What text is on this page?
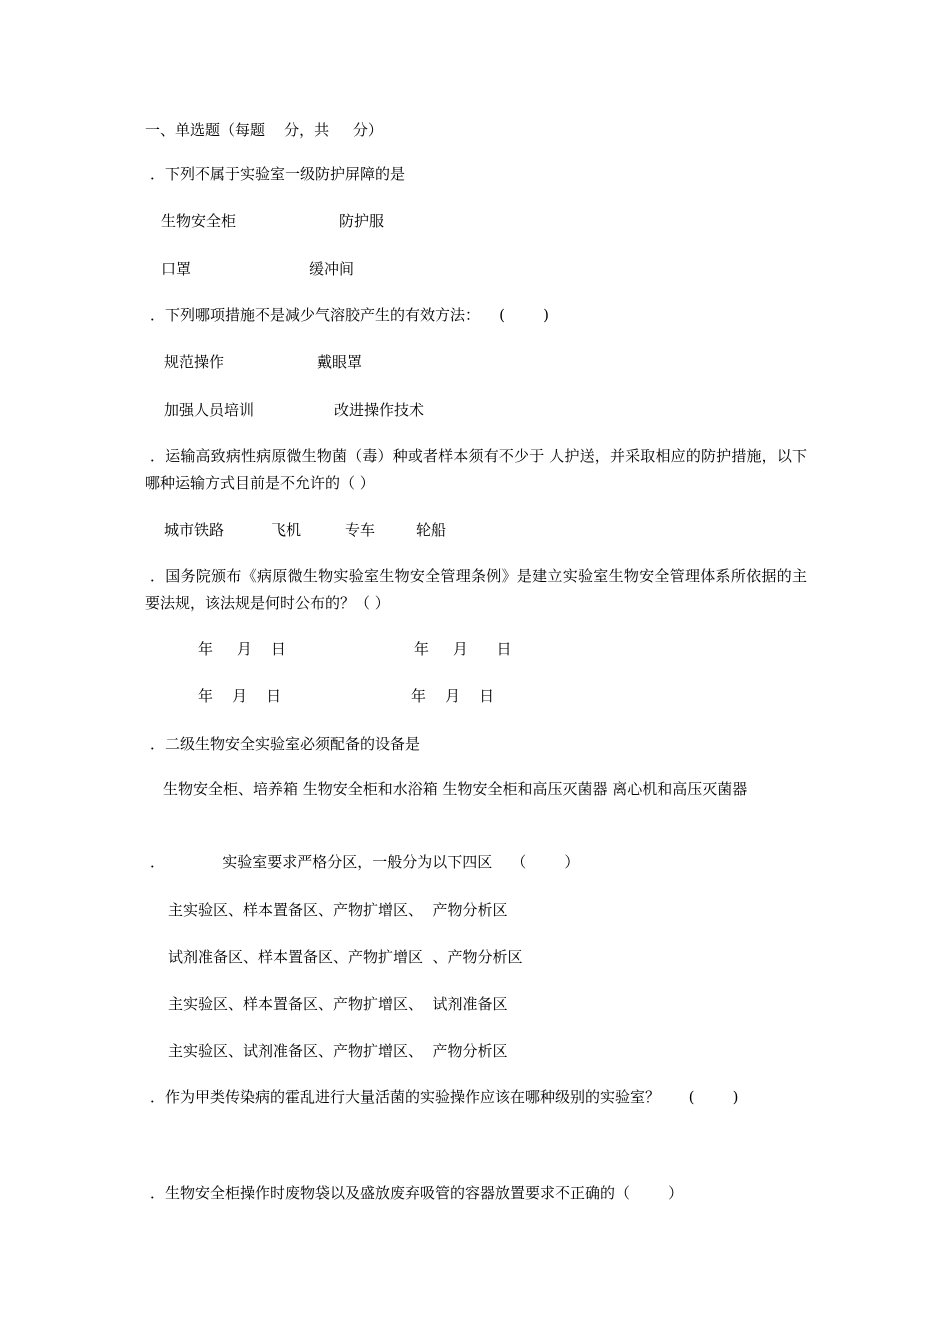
一、单选题（每题    分，共     分）
．下列不属于实验室一级防护屏障的是
生物安全柜	防护服
口罩	缓冲间
．下列哪项措施不是减少气溶胶产生的有效方法：    (        )
规范操作	戴眼罩
加强人员培训	改进操作技术
．运输高致病性病原微生物菌（毒）种或者样本须有不少于 人护送，并采取相应的防护措施，以下哪种运输方式目前是不允许的（ ）
城市铁路	飞机	专车	轮船
．国务院颁布《病原微生物实验室生物安全管理条例》是建立实验室生物安全管理体系所依据的主要法规，该法规是何时公布的？（ ）
年     月    日	年     月      日
年    月    日	年    月    日
．二级生物安全实验室必须配备的设备是
生物安全柜、培养箱 生物安全柜和水浴箱 生物安全柜和高压灭菌器 离心机和高压灭菌器
．            实验室要求严格分区，一般分为以下四区    （        ）
主实验区、样本置备区、产物扩增区、  产物分析区
试剂准备区、样本置备区、产物扩增区  、产物分析区
主实验区、样本置备区、产物扩增区、  试剂准备区
主实验区、试剂准备区、产物扩增区、  产物分析区
．作为甲类传染病的霍乱进行大量活菌的实验操作应该在哪种级别的实验室？      (        )
．生物安全柜操作时废物袋以及盛放废弃吸管的容器放置要求不正确的（        ）
